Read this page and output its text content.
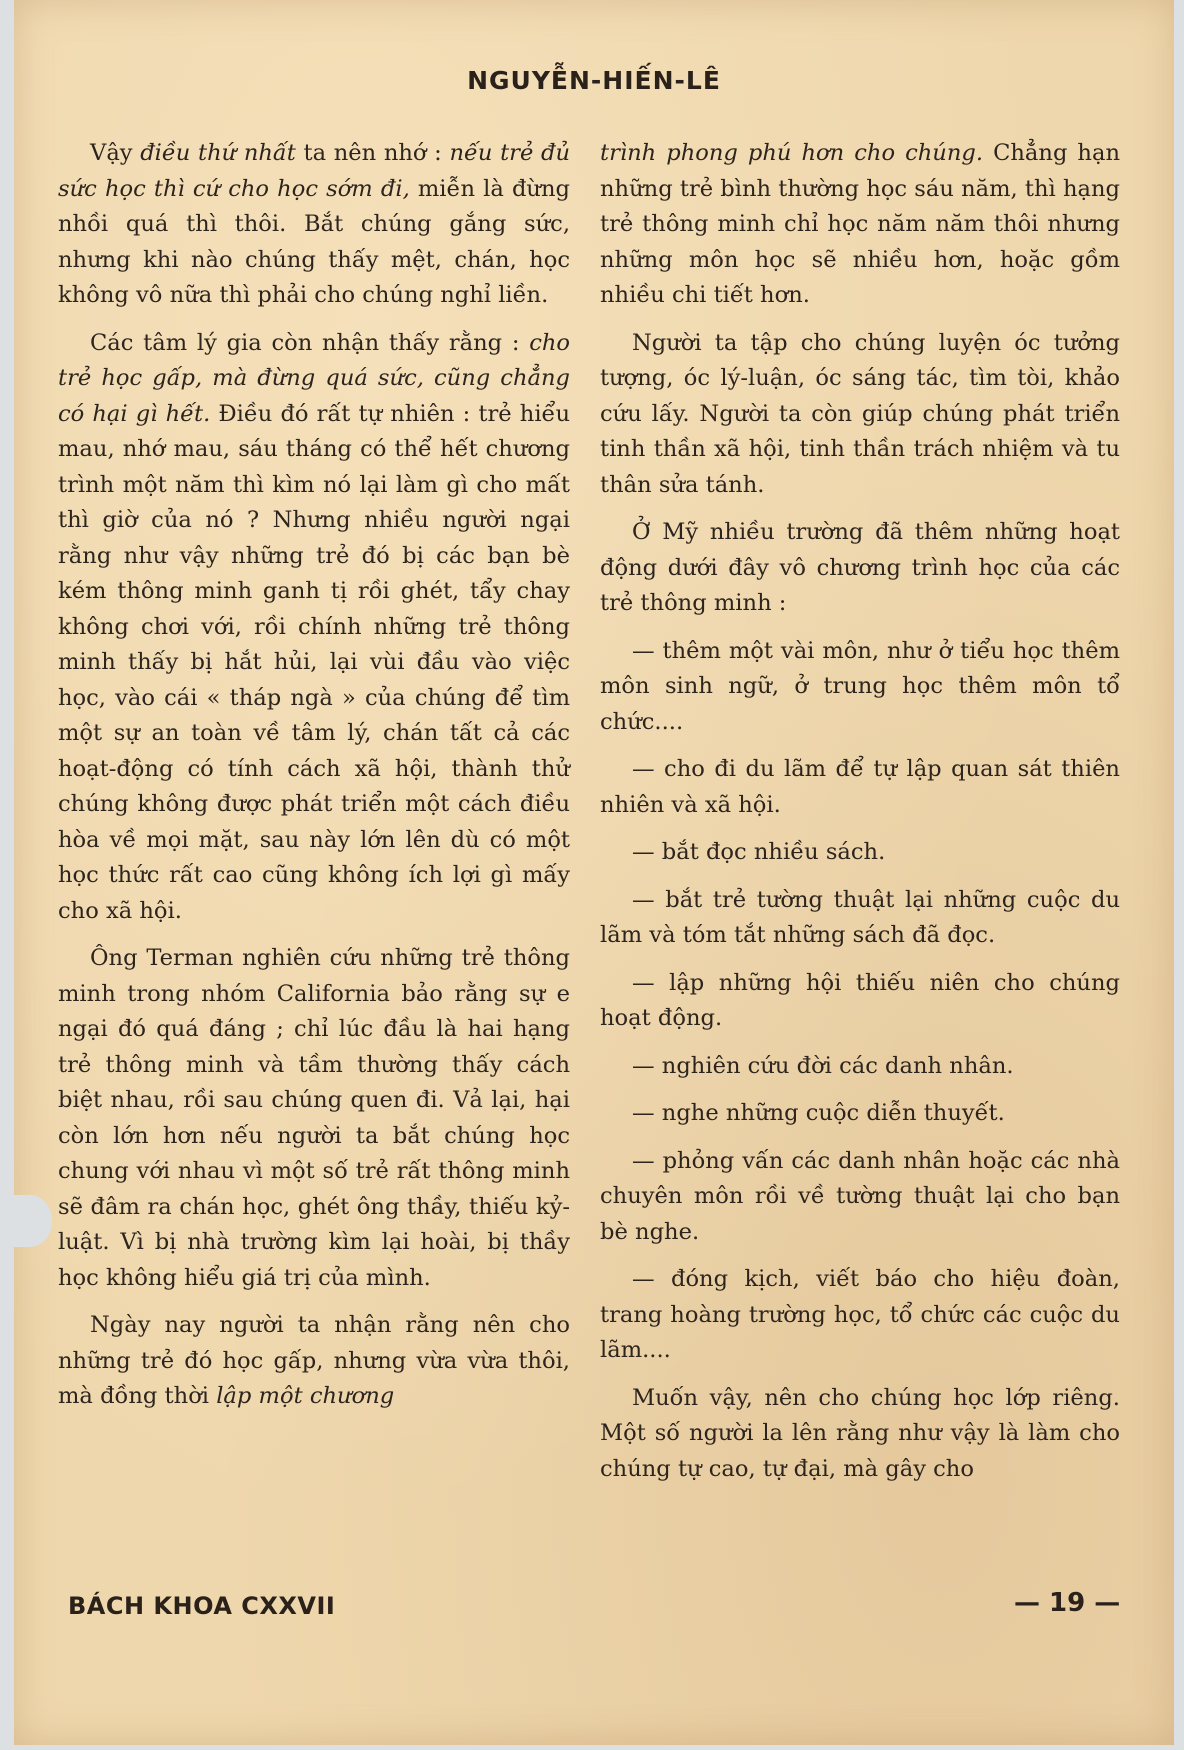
NGUYỄN-HIẾN-LÊ

Vậy điều thứ nhất ta nên nhớ : nếu trẻ đủ sức học thì cứ cho học sớm đi, miễn là đừng nhồi quá thì thôi. Bắt chúng gắng sức, nhưng khi nào chúng thấy mệt, chán, học không vô nữa thì phải cho chúng nghỉ liền.

Các tâm lý gia còn nhận thấy rằng : cho trẻ học gấp, mà đừng quá sức, cũng chẳng có hại gì hết. Điều đó rất tự nhiên : trẻ hiểu mau, nhớ mau, sáu tháng có thể hết chương trình một năm thì kìm nó lại làm gì cho mất thì giờ của nó ? Nhưng nhiều người ngại rằng như vậy những trẻ đó bị các bạn bè kém thông minh ganh tị rồi ghét, tẩy chay không chơi với, rồi chính những trẻ thông minh thấy bị hắt hủi, lại vùi đầu vào việc học, vào cái « tháp ngà » của chúng để tìm một sự an toàn về tâm lý, chán tất cả các hoạt-động có tính cách xã hội, thành thử chúng không được phát triển một cách điều hòa về mọi mặt, sau này lớn lên dù có một học thức rất cao cũng không ích lợi gì mấy cho xã hội.

Ông Terman nghiên cứu những trẻ thông minh trong nhóm California bảo rằng sự e ngại đó quá đáng ; chỉ lúc đầu là hai hạng trẻ thông minh và tầm thường thấy cách biệt nhau, rồi sau chúng quen đi. Vả lại, hại còn lớn hơn nếu người ta bắt chúng học chung với nhau vì một số trẻ rất thông minh sẽ đâm ra chán học, ghét ông thầy, thiếu kỷ-luật. Vì bị nhà trường kìm lại hoài, bị thầy học không hiểu giá trị của mình.

Ngày nay người ta nhận rằng nên cho những trẻ đó học gấp, nhưng vừa vừa thôi, mà đồng thời lập một chương

trình phong phú hơn cho chúng. Chẳng hạn những trẻ bình thường học sáu năm, thì hạng trẻ thông minh chỉ học năm năm thôi nhưng những môn học sẽ nhiều hơn, hoặc gồm nhiều chi tiết hơn.

Người ta tập cho chúng luyện óc tưởng tượng, óc lý-luận, óc sáng tác, tìm tòi, khảo cứu lấy. Người ta còn giúp chúng phát triển tinh thần xã hội, tinh thần trách nhiệm và tu thân sửa tánh.

Ở Mỹ nhiều trường đã thêm những hoạt động dưới đây vô chương trình học của các trẻ thông minh :

— thêm một vài môn, như ở tiểu học thêm môn sinh ngữ, ở trung học thêm môn tổ chức....

— cho đi du lãm để tự lập quan sát thiên nhiên và xã hội.

— bắt đọc nhiều sách.

— bắt trẻ tường thuật lại những cuộc du lãm và tóm tắt những sách đã đọc.

— lập những hội thiếu niên cho chúng hoạt động.

— nghiên cứu đời các danh nhân.

— nghe những cuộc diễn thuyết.

— phỏng vấn các danh nhân hoặc các nhà chuyên môn rồi về tường thuật lại cho bạn bè nghe.

— đóng kịch, viết báo cho hiệu đoàn, trang hoàng trường học, tổ chức các cuộc du lãm....

Muốn vậy, nên cho chúng học lớp riêng. Một số người la lên rằng như vậy là làm cho chúng tự cao, tự đại, mà gây cho

BÁCH KHOA CXXVII	— 19 —
